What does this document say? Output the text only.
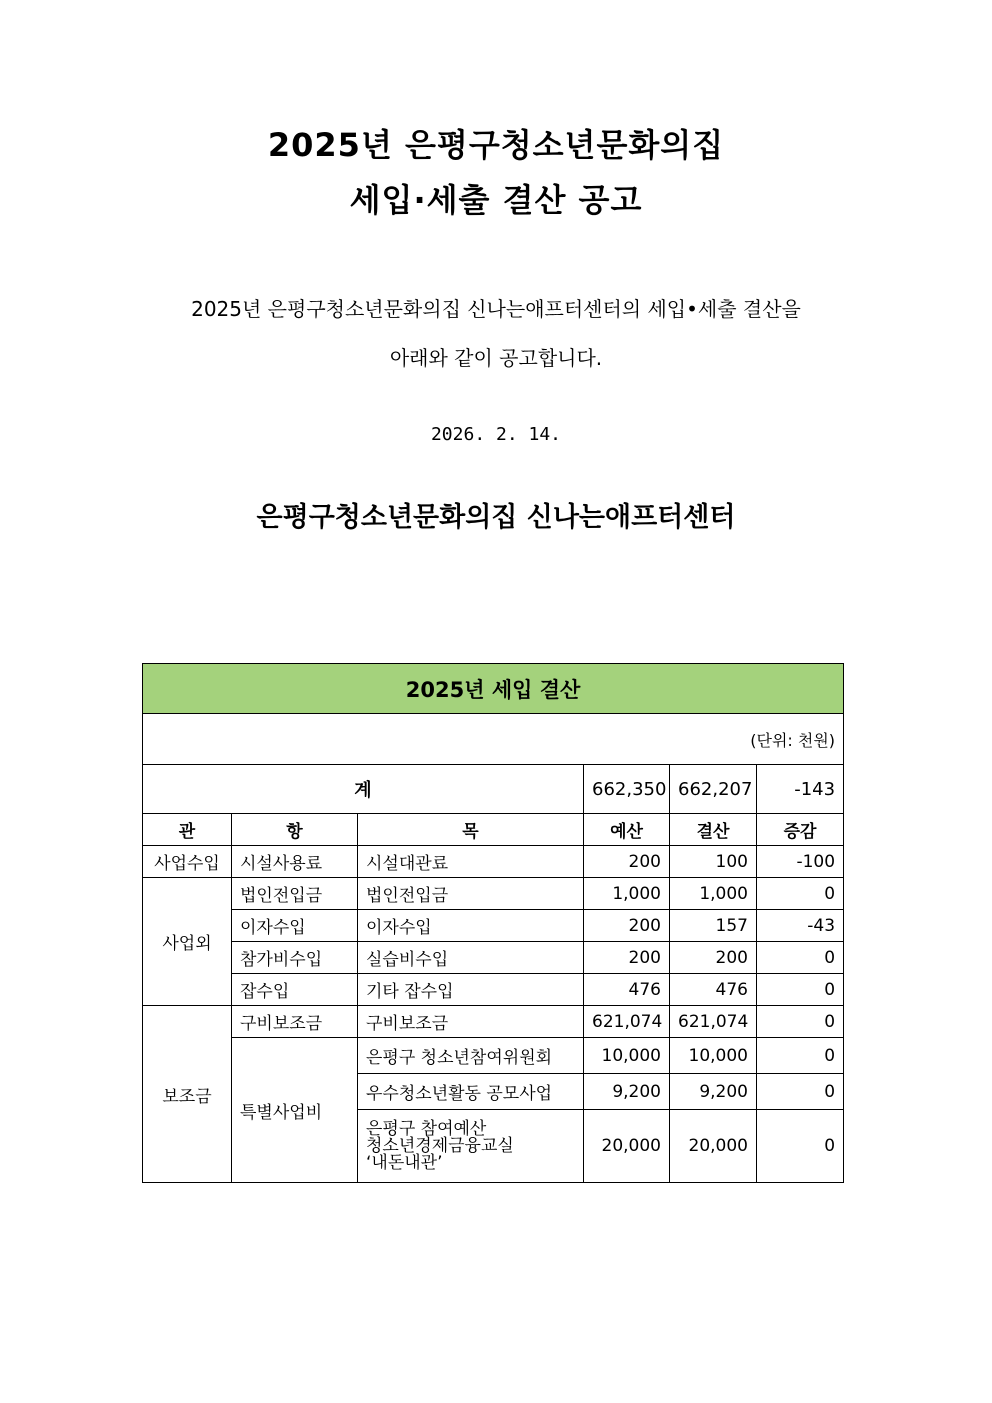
2025년 은평구청소년문화의집
세입·세출 결산 공고
2025년 은평구청소년문화의집 신나는애프터센터의 세입•세출 결산을
아래와 같이 공고합니다.
2026. 2. 14.
은평구청소년문화의집 신나는애프터센터
2025년 세입 결산					
(단위: 천원)					
계			662,350	662,207	-143
관	항	목	예산	결산	증감
사업수입	시설사용료	시설대관료	200	100	-100
사업외	법인전입금	법인전입금	1,000	1,000	0
	이자수입	이자수입	200	157	-43
	참가비수입	실습비수입	200	200	0
	잡수입	기타 잡수입	476	476	0
보조금	구비보조금	구비보조금	621,074	621,074	0
	특별사업비	은평구 청소년참여위원회	10,000	10,000	0
		우수청소년활동 공모사업	9,200	9,200	0

		은평구 참여예산
청소년경제금융교실
‘내돈내관’	20,000	20,000	0
